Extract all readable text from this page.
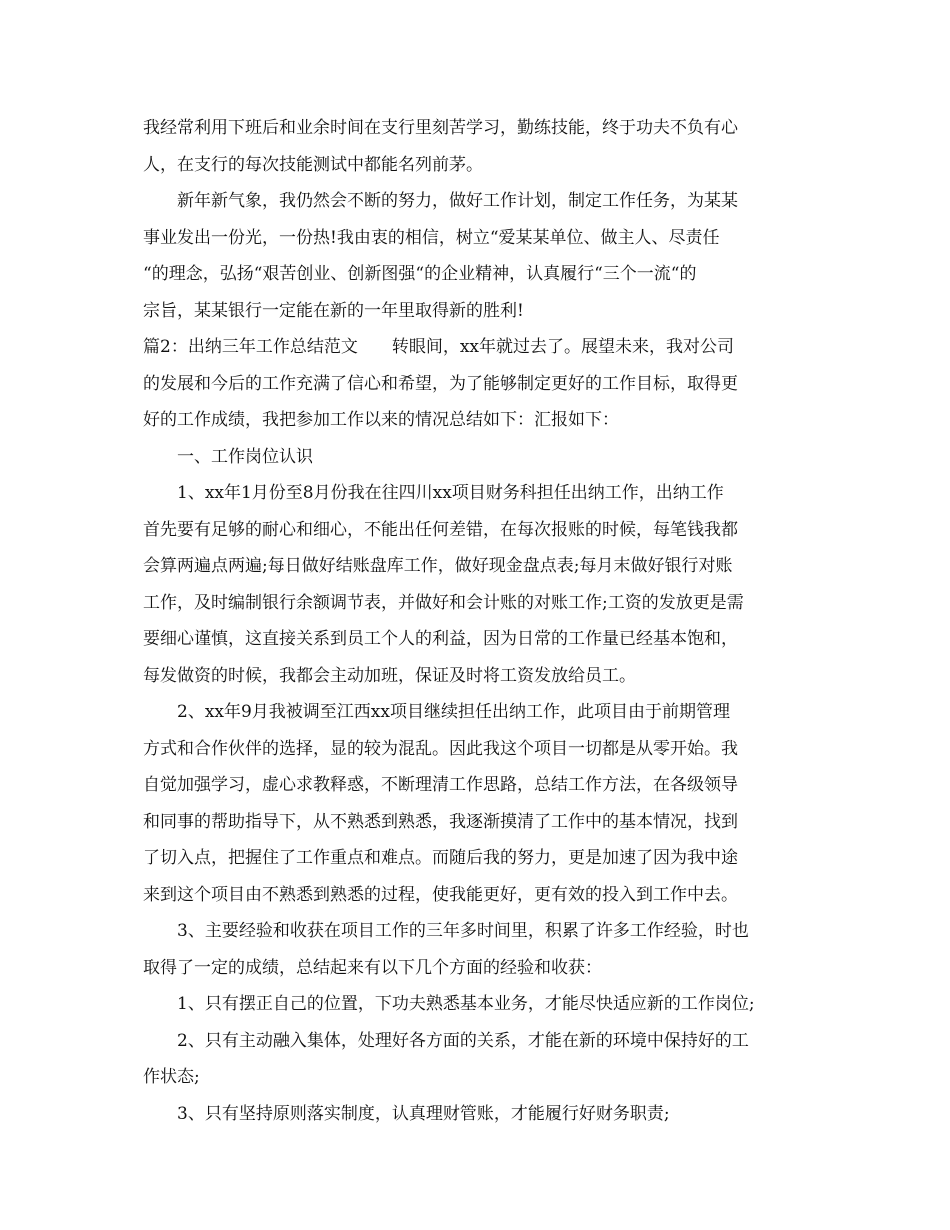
我经常利用下班后和业余时间在支行里刻苦学习，勤练技能，终于功夫不负有心
人，在支行的每次技能测试中都能名列前茅。
新年新气象，我仍然会不断的努力，做好工作计划，制定工作任务，为某某
事业发出一份光，一份热!我由衷的相信，树立“爱某某单位、做主人、尽责任
“的理念，弘扬“艰苦创业、创新图强“的企业精神，认真履行“三个一流“的
宗旨，某某银行一定能在新的一年里取得新的胜利!
篇2：出纳三年工作总结范文　　转眼间，xx年就过去了。展望未来，我对公司
的发展和今后的工作充满了信心和希望，为了能够制定更好的工作目标，取得更
好的工作成绩，我把参加工作以来的情况总结如下：汇报如下：
一、工作岗位认识
1、xx年1月份至8月份我在往四川xx项目财务科担任出纳工作，出纳工作
首先要有足够的耐心和细心，不能出任何差错，在每次报账的时候，每笔钱我都
会算两遍点两遍;每日做好结账盘库工作，做好现金盘点表;每月末做好银行对账
工作，及时编制银行余额调节表，并做好和会计账的对账工作;工资的发放更是需
要细心谨慎，这直接关系到员工个人的利益，因为日常的工作量已经基本饱和，
每发做资的时候，我都会主动加班，保证及时将工资发放给员工。
2、xx年9月我被调至江西xx项目继续担任出纳工作，此项目由于前期管理
方式和合作伙伴的选择，显的较为混乱。因此我这个项目一切都是从零开始。我
自觉加强学习，虚心求教释惑，不断理清工作思路，总结工作方法，在各级领导
和同事的帮助指导下，从不熟悉到熟悉，我逐渐摸清了工作中的基本情况，找到
了切入点，把握住了工作重点和难点。而随后我的努力，更是加速了因为我中途
来到这个项目由不熟悉到熟悉的过程，使我能更好，更有效的投入到工作中去。
3、主要经验和收获在项目工作的三年多时间里，积累了许多工作经验，时也
取得了一定的成绩，总结起来有以下几个方面的经验和收获：
1、只有摆正自己的位置，下功夫熟悉基本业务，才能尽快适应新的工作岗位;
2、只有主动融入集体，处理好各方面的关系，才能在新的环境中保持好的工
作状态;
3、只有坚持原则落实制度，认真理财管账，才能履行好财务职责;
